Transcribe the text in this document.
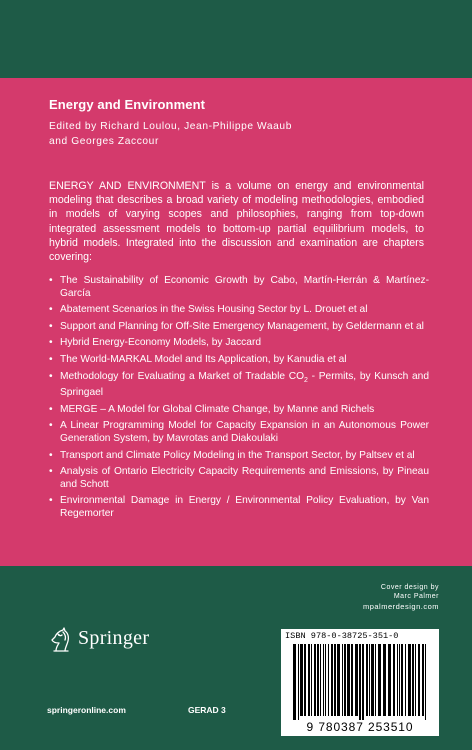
Energy and Environment
Edited by Richard Loulou, Jean-Philippe Waaub
and Georges Zaccour
ENERGY AND ENVIRONMENT is a volume on energy and environmental modeling that describes a broad variety of modeling methodologies, embodied in models of varying scopes and philosophies, ranging from top-down integrated assessment models to bottom-up partial equilibrium models, to hybrid models. Integrated into the discussion and examination are chapters covering:
• The Sustainability of Economic Growth by Cabo, Martín-Herrán & Martínez-García
• Abatement Scenarios in the Swiss Housing Sector by L. Drouet et al
• Support and Planning for Off-Site Emergency Management, by Geldermann et al
• Hybrid Energy-Economy Models, by Jaccard
• The World-MARKAL Model and Its Application, by Kanudia et al
• Methodology for Evaluating a Market of Tradable $CO_2$ - Permits, by Kunsch and Springael
• MERGE – A Model for Global Climate Change, by Manne and Richels
• A Linear Programming Model for Capacity Expansion in an Autonomous Power Generation System, by Mavrotas and Diakoulaki
• Transport and Climate Policy Modeling in the Transport Sector, by Paltsev et al
• Analysis of Ontario Electricity Capacity Requirements and Emissions, by Pineau and Schott
• Environmental Damage in Energy / Environmental Policy Evaluation, by Van Regemorter
Cover design by
Marc Palmer
mpalmerdesign.com
Springer
springeronline.com	GERAD 3
ISBN 978-0-38725-351-0
9 780387 253510
